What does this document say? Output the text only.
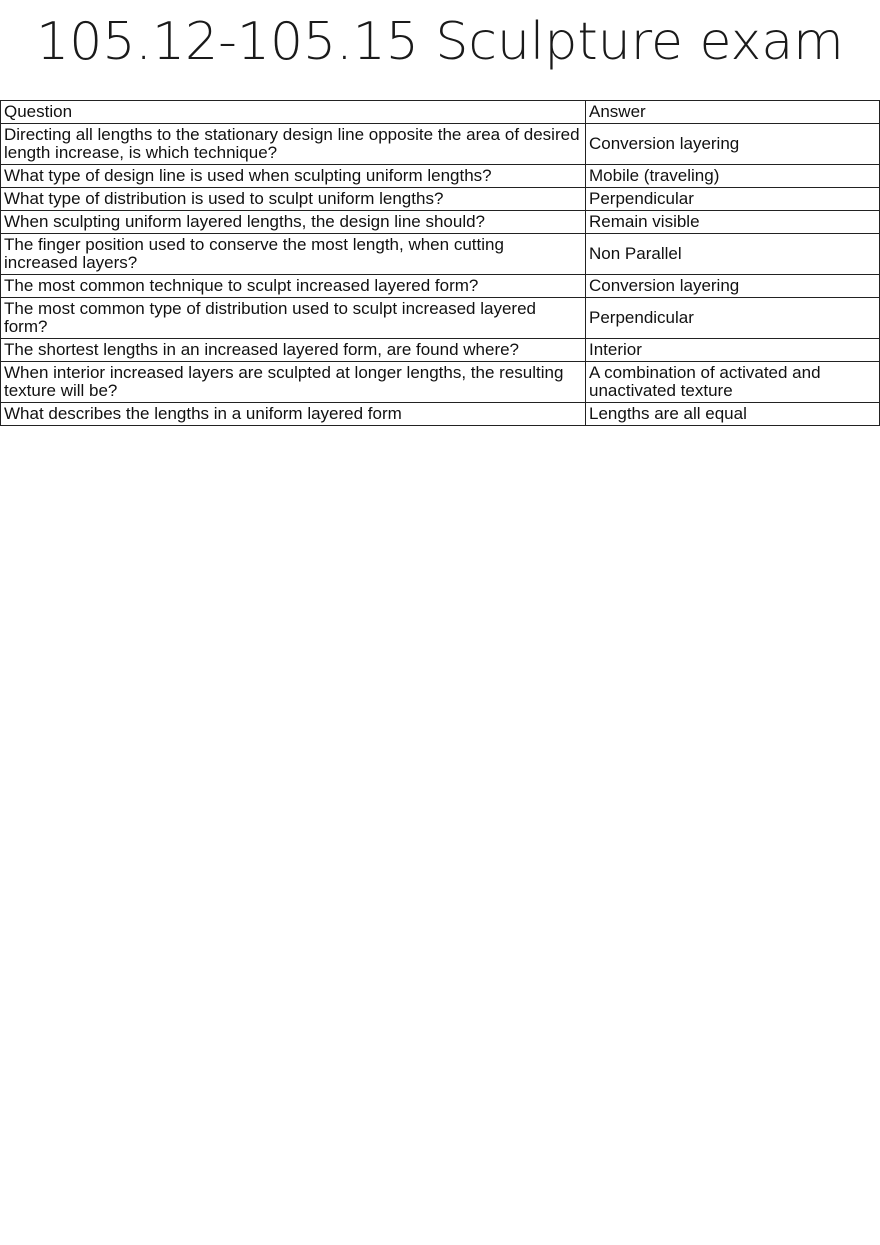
105.12-105.15 Sculpture exam
Question	Answer
Directing all lengths to the stationary design line opposite the area of desired length increase, is which technique?	Conversion layering
What type of design line is used when sculpting uniform lengths?	Mobile (traveling)
What type of distribution is used to sculpt uniform lengths?	Perpendicular
When sculpting uniform layered lengths, the design line should?	Remain visible
The finger position used to conserve the most length, when cutting increased layers?	Non Parallel
The most common technique to sculpt increased layered form?	Conversion layering
The most common type of distribution used to sculpt increased layered form?	Perpendicular
The shortest lengths in an increased layered form, are found where?	Interior
When interior increased layers are sculpted at longer lengths, the resulting texture will be?	A combination of activated and unactivated texture
What describes the lengths in a uniform layered form	Lengths are all equal
